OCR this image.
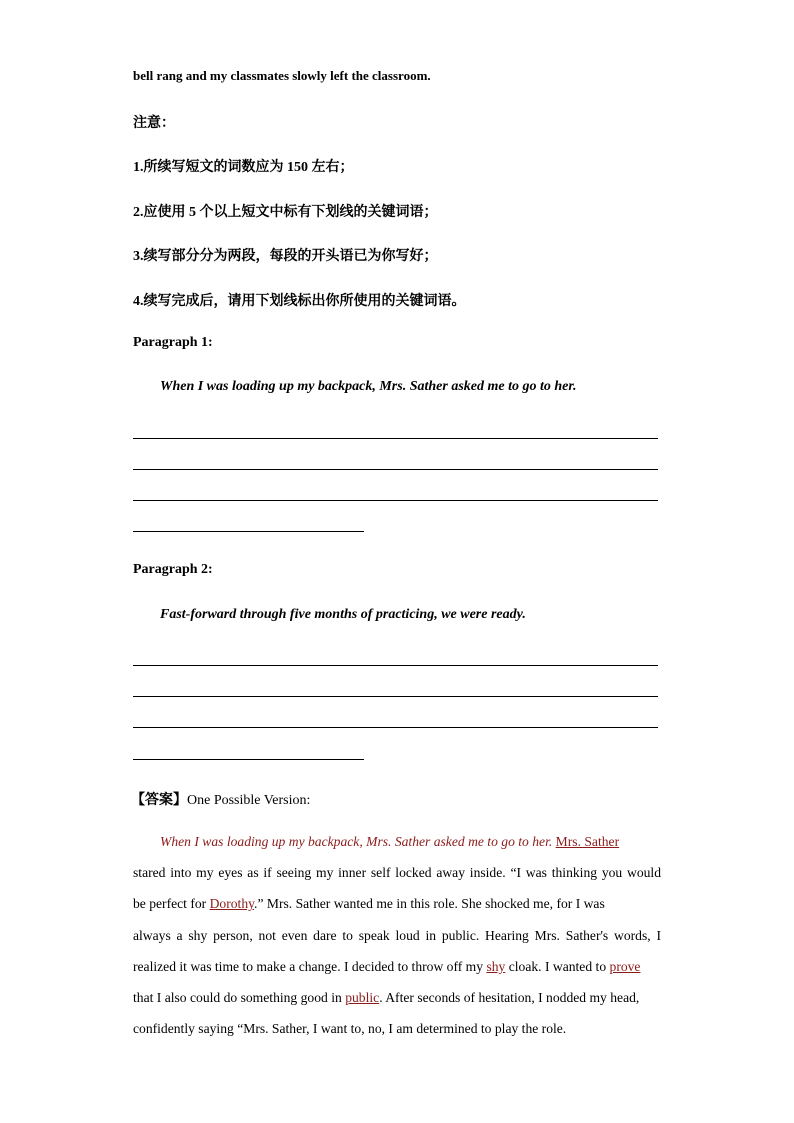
bell rang and my classmates slowly left the classroom.
注意：
1.所续写短文的词数应为 150 左右；
2.应使用 5 个以上短文中标有下划线的关键词语；
3.续写部分分为两段，每段的开头语已为你写好；
4.续写完成后，请用下划线标出你所使用的关键词语。
Paragraph 1:
When I was loading up my backpack, Mrs. Sather asked me to go to her.
Paragraph 2:
Fast-forward through five months of practicing, we were ready.
【答案】One Possible Version:
When I was loading up my backpack, Mrs. Sather asked me to go to her. Mrs. Sather
stared into my eyes as if seeing my inner self locked away inside. “I was thinking you would
be perfect for Dorothy.” Mrs. Sather wanted me in this role. She shocked me, for I was
always a shy person, not even dare to speak loud in public. Hearing Mrs. Sather's words, I
realized it was time to make a change. I decided to throw off my shy cloak. I wanted to prove
that I also could do something good in public. After seconds of hesitation, I nodded my head,
confidently saying “Mrs. Sather, I want to, no, I am determined to play the role.
